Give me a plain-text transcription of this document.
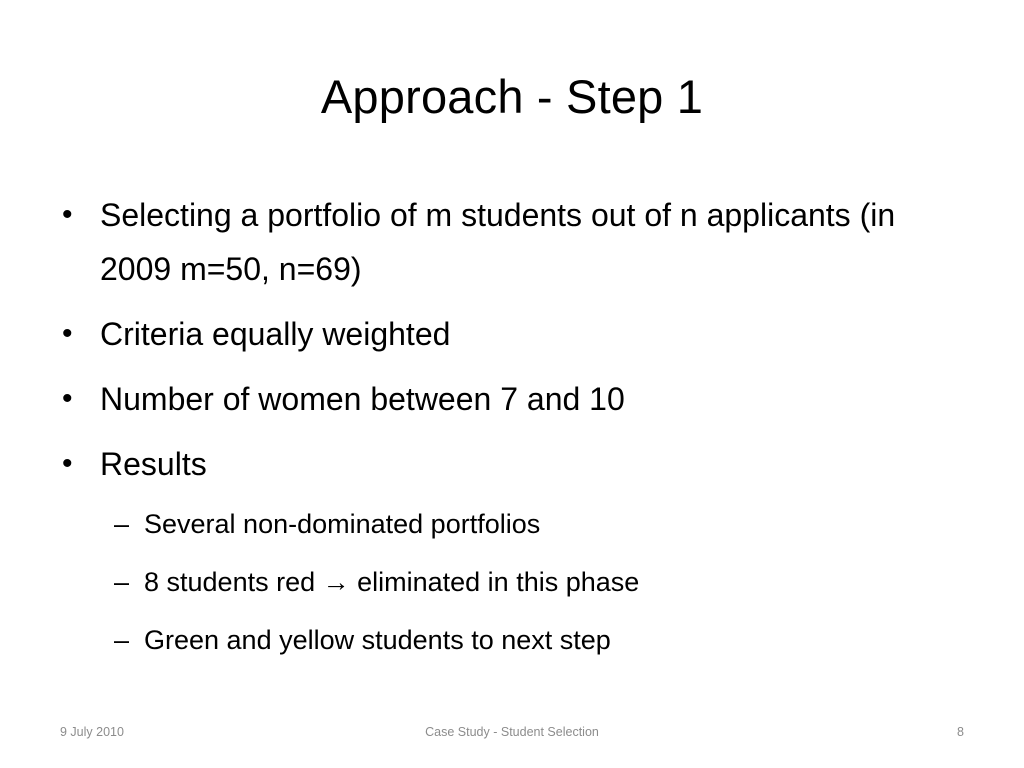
Approach - Step 1
• Selecting a portfolio of m students out of n applicants (in 2009 m=50, n=69)
• Criteria equally weighted
• Number of women between 7 and 10
• Results
– Several non-dominated portfolios
– 8 students red → eliminated in this phase
– Green and yellow students to next step
9 July 2010	Case Study - Student Selection	8
